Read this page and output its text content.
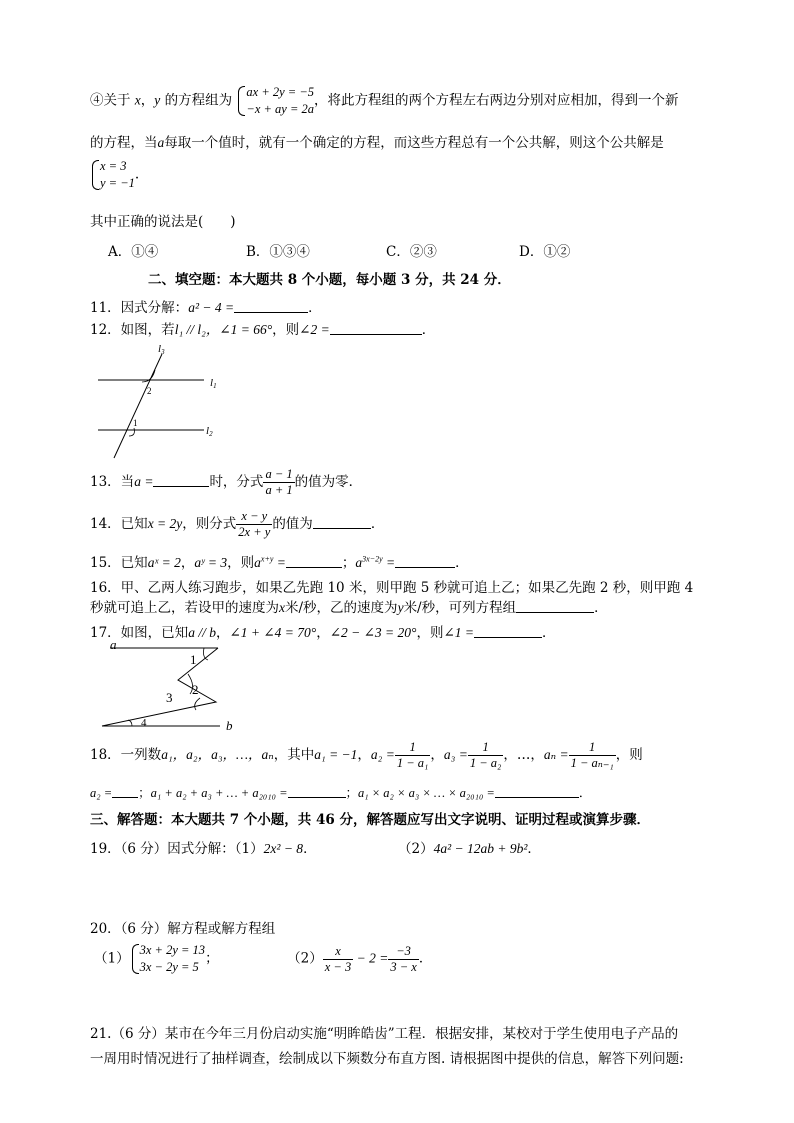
④关于 x，y 的方程组为
ax + 2y = −5
−x + ay = 2a
，将此方程组的两个方程左右两边分别对应相加，得到一个新
的方程，当a每取一个值时，就有一个确定的方程，而这些方程总有一个公共解，则这个公共解是
x = 3
y = −1
.
其中正确的说法是(　　)
A．①④	B．①③④	C．②③	D．①②
二、填空题：本大题共 8 个小题，每小题 3 分，共 24 分．
11．因式分解：a² − 4 =	．
12．如图，若l₁ // l₂，∠1 = 66°，则∠2 =	．
l3
l1
l2
2
1
13．当a =	时，分式 $\frac{a - 1}{a + 1}$ 的值为零．
14．已知x = 2y，则分式 $\frac{x - y}{2x + y}$ 的值为	．
15．已知aˣ = 2，aʸ = 3，则$a^{x+y}$ =	；$a^{3x-2y}$ =	．
16．甲、乙两人练习跑步，如果乙先跑 10 米，则甲跑 5 秒就可追上乙；如果乙先跑 2 秒，则甲跑 4
秒就可追上乙，若设甲的速度为x米/秒，乙的速度为y米/秒，可列方程组	．
17．如图，已知a // b，∠1 + ∠4 = 70°，∠2 − ∠3 = 20°，则∠1 =	．
a
b
1
2
3
4
18．一列数a₁，a₂，a₃，…，aₙ，其中a₁ = −1，$a_2 = \frac{1}{\text{1 − a₁}}$ ，$a_3 = \frac{1}{\text{1 − a₂}}$ ，…，$a_n = \frac{1}{\text{1 − aₙ₋₁}}$ ，则
a₂ = ；a₁ + a₂ + a₃ + … + a₂₀₁₀ =	；a₁ × a₂ × a₃ × … × a₂₀₁₀ =	．
三、解答题：本大题共 7 个小题，共 46 分，解答题应写出文字说明、证明过程或演算步骤．
19．（6 分）因式分解：（1）2x² − 8．	（2）4a² − 12ab + 9b²．
20．（6 分）解方程或解方程组
（1）
3x + 2y = 13
3x − 2y = 5
；	$(2) \frac{x}{x - 3} - 2 = \frac{-3}{3 - x}$ ．
21.（6 分）某市在今年三月份启动实施“明眸皓齿”工程．根据安排，某校对于学生使用电子产品的
一周用时情况进行了抽样调查，绘制成以下频数分布直方图. 请根据图中提供的信息，解答下列问题:
